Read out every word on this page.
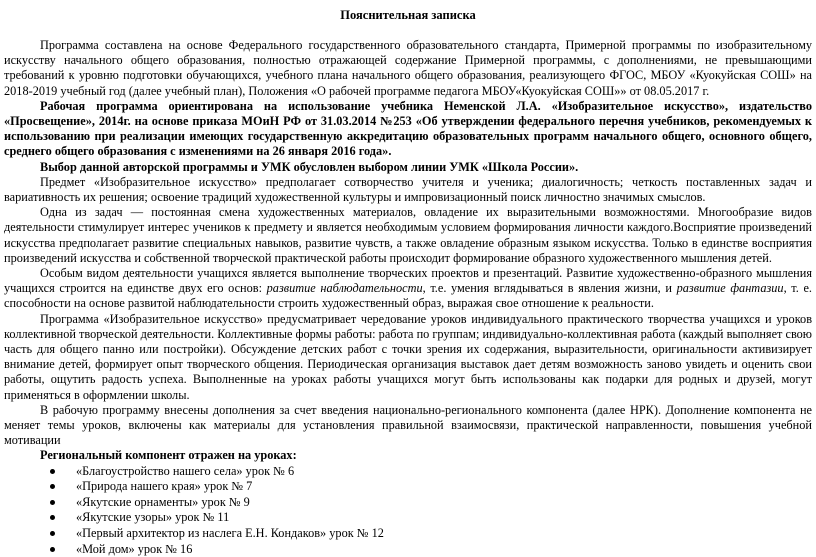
Пояснительная записка

Программа составлена на основе Федерального государственного образовательного стандарта, Примерной программы по изобразительному искусству начального общего образования, полностью отражающей содержание Примерной программы, с дополнениями, не превышающими требований к уровню подготовки обучающихся, учебного плана начального общего образования, реализующего ФГОС, МБОУ «Куокуйская СОШ» на 2018-2019 учебный год (далее учебный план), Положения «О рабочей программе педагога МБОУ«Куокуйская СОШ»» от 08.05.2017 г.

Рабочая программа ориентирована на использование учебника Неменской Л.А. «Изобразительное искусство», издательство «Просвещение», 2014г. на основе приказа МОиН РФ от 31.03.2014 №253 «Об утверждении федерального перечня учебников, рекомендуемых к использованию при реализации имеющих государственную аккредитацию образовательных программ начального общего, основного общего, среднего общего образования с изменениями на 26 января 2016 года».

Выбор данной авторской программы и УМК обусловлен выбором линии УМК «Школа России».

Предмет «Изобразительное искусство» предполагает сотворчество учителя и ученика; диалогичность; четкость поставленных задач и вариативность их решения; освоение традиций художественной культуры и импровизационный поиск личностно значимых смыслов.

Одна из задач — постоянная смена художественных материалов, овладение их выразительными возможностями. Многообразие видов деятельности стимулирует интерес учеников к предмету и является необходимым условием формирования личности каждого.Восприятие произведений искусства предполагает развитие специальных навыков, развитие чувств, а также овладение образным языком искусства. Только в единстве восприятия произведений искусства и собственной творческой практической работы происходит формирование образного художественного мышления детей.

Особым видом деятельности учащихся является выполнение творческих проектов и презентаций. Развитие художественно-образного мышления учащихся строится на единстве двух его основ: развитие наблюдательности, т.е. умения вглядываться в явления жизни, и развитие фантазии, т. е. способности на основе развитой наблюдательности строить художественный образ, выражая свое отношение к реальности.

Программа «Изобразительное искусство» предусматривает чередование уроков индивидуального практического творчества учащихся и уроков коллективной творческой деятельности. Коллективные формы работы: работа по группам; индивидуально-коллективная работа (каждый выполняет свою часть для общего панно или постройки). Обсуждение детских работ с точки зрения их содержания, выразительности, оригинальности активизирует внимание детей, формирует опыт творческого общения. Периодическая организация выставок дает детям возможность заново увидеть и оценить свои работы, ощутить радость успеха. Выполненные на уроках работы учащихся могут быть использованы как подарки для родных и друзей, могут применяться в оформлении школы.

В рабочую программу внесены дополнения за счет введения национально-регионального компонента (далее НРК). Дополнение компонента не меняет темы уроков, включены как материалы для установления правильной взаимосвязи, практической направленности, повышения учебной мотивации

Региональный компонент отражен на уроках:

«Благоустройство нашего села» урок № 6
«Природа нашего края» урок № 7
«Якутские орнаменты» урок № 9
«Якутские узоры» урок № 11
«Первый архитектор из наслега Е.Н. Кондаков» урок № 12
«Мой дом» урок № 16
